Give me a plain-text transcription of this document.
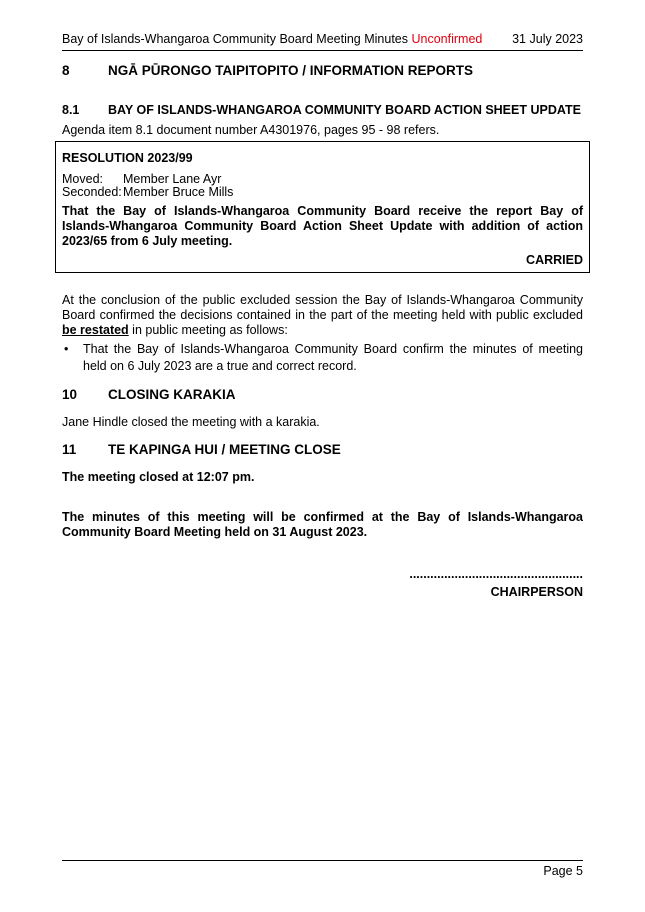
Bay of Islands-Whangaroa Community Board Meeting Minutes Unconfirmed 31 July 2023
8	NGĀ PŪRONGO TAIPITOPITO / INFORMATION REPORTS
8.1	BAY OF ISLANDS-WHANGAROA COMMUNITY BOARD ACTION SHEET UPDATE
Agenda item 8.1 document number A4301976, pages 95 - 98 refers.
RESOLUTION 2023/99
Moved:	Member Lane Ayr
Seconded: Member Bruce Mills
That the Bay of Islands-Whangaroa Community Board receive the report Bay of Islands-Whangaroa Community Board Action Sheet Update with addition of action 2023/65 from 6 July meeting.
CARRIED
At the conclusion of the public excluded session the Bay of Islands-Whangaroa Community Board confirmed the decisions contained in the part of the meeting held with public excluded be restated in public meeting as follows:
•	That the Bay of Islands-Whangaroa Community Board confirm the minutes of meeting held on 6 July 2023 are a true and correct record.
10	CLOSING KARAKIA
Jane Hindle closed the meeting with a karakia.
11	TE KAPINGA HUI / MEETING CLOSE
The meeting closed at 12:07 pm.
The minutes of this meeting will be confirmed at the Bay of Islands-Whangaroa Community Board Meeting held on 31 August 2023.
..................................................
CHAIRPERSON
Page 5
